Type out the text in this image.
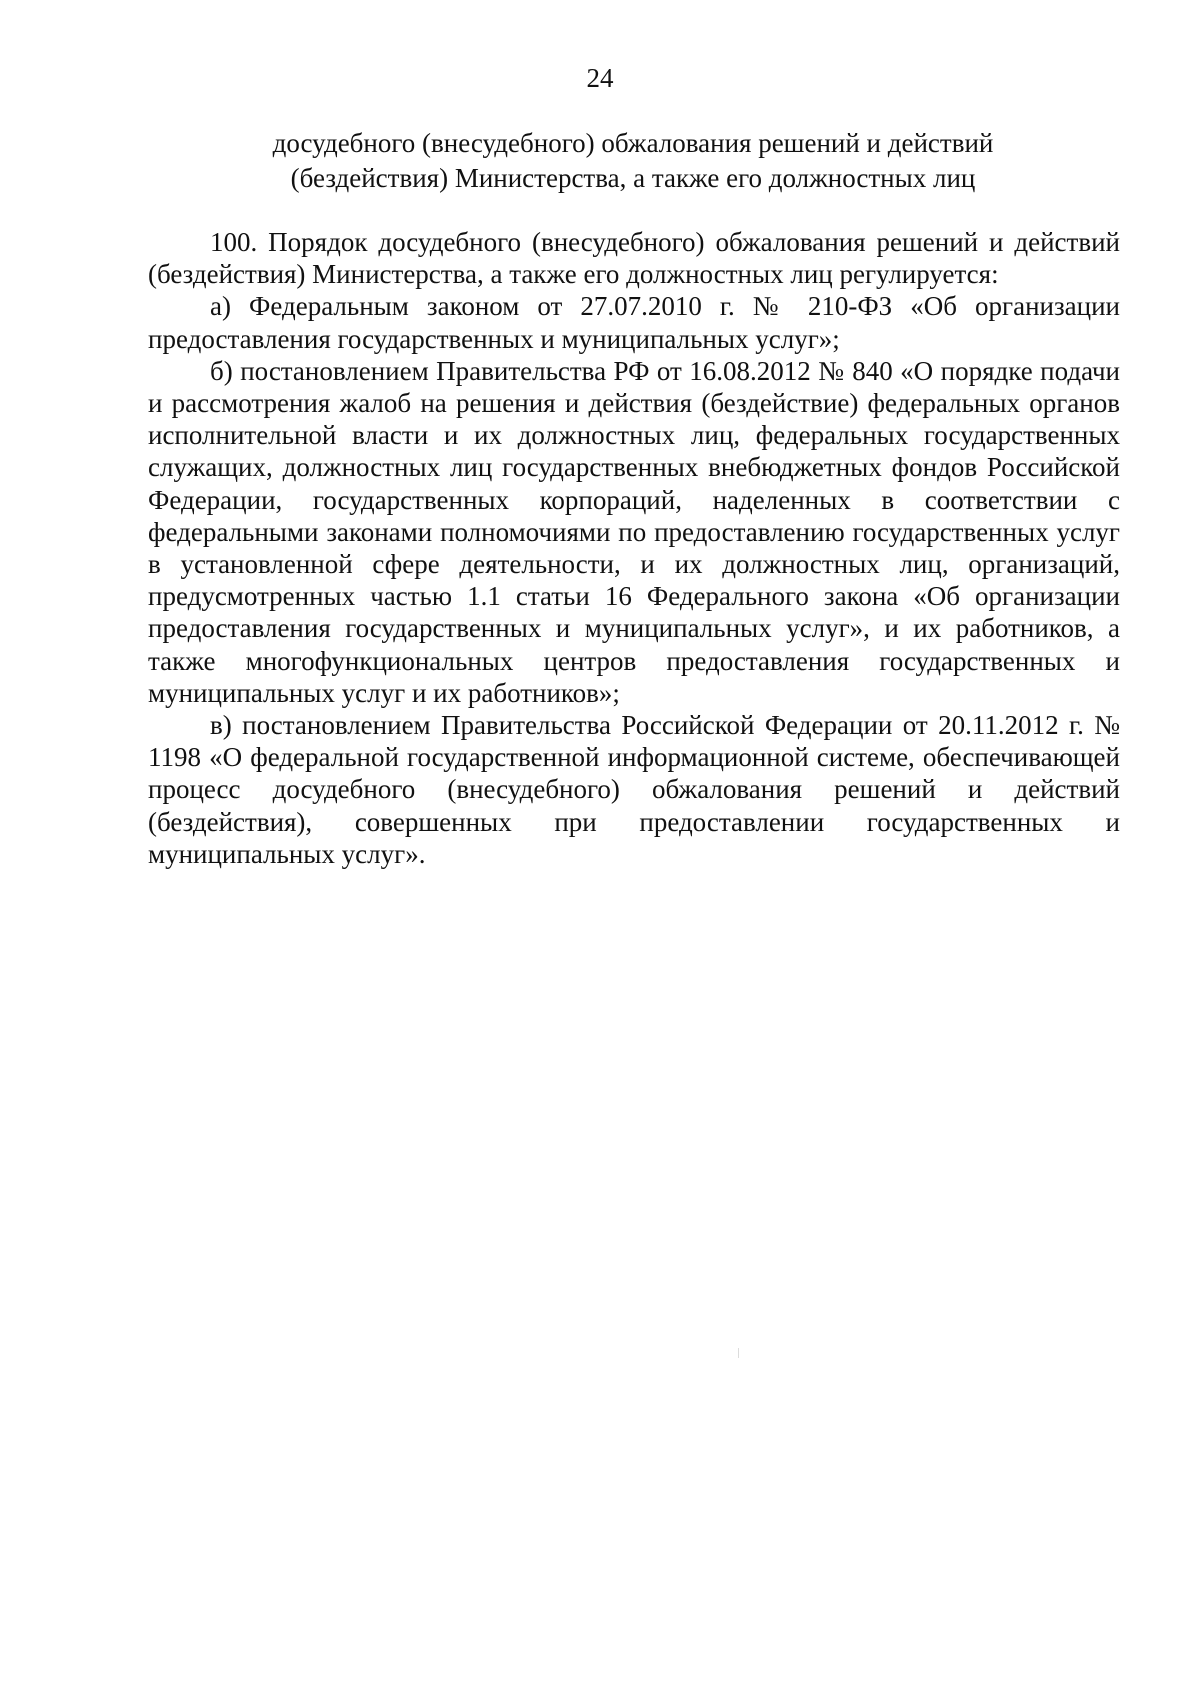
24
досудебного (внесудебного) обжалования решений и действий
(бездействия) Министерства, а также его должностных лиц

100. Порядок досудебного (внесудебного) обжалования решений и действий (бездействия) Министерства, а также его должностных лиц регулируется:

а) Федеральным законом от 27.07.2010 г. № 210-ФЗ «Об организации предоставления государственных и муниципальных услуг»;

б) постановлением Правительства РФ от 16.08.2012 № 840 «О порядке подачи и рассмотрения жалоб на решения и действия (бездействие) федеральных органов исполнительной власти и их должностных лиц, федеральных государственных служащих, должностных лиц государственных внебюджетных фондов Российской Федерации, государственных корпораций, наделенных в соответствии с федеральными законами полномочиями по предоставлению государственных услуг в установленной сфере деятельности, и их должностных лиц, организаций, предусмотренных частью 1.1 статьи 16 Федерального закона «Об организации предоставления государственных и муниципальных услуг», и их работников, а также многофункциональных центров предоставления государственных и муниципальных услуг и их работников»;

в) постановлением Правительства Российской Федерации от 20.11.2012 г. № 1198 «О федеральной государственной информационной системе, обеспечивающей процесс досудебного (внесудебного) обжалования решений и действий (бездействия), совершенных при предоставлении государственных и муниципальных услуг».
